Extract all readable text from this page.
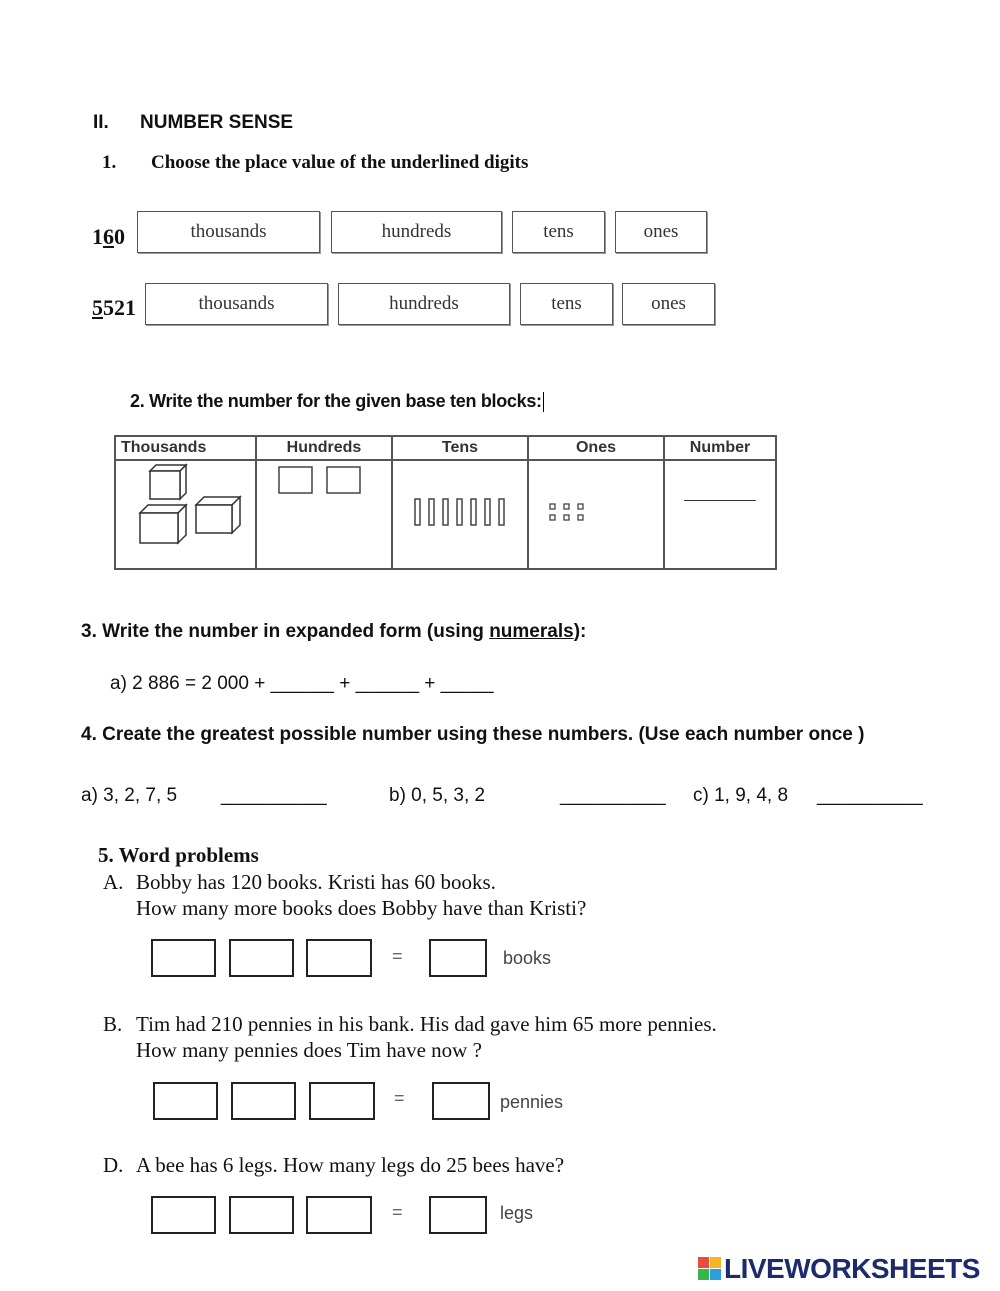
II. NUMBER SENSE
1. Choose the place value of the underlined digits
160	thousands	hundreds	tens	ones
5521	thousands	hundreds	tens	ones
2. Write the number for the given base ten blocks:
Thousands	Hundreds	Tens	Ones	Number

________
3. Write the number in expanded form (using numerals):
a) 2 886 = 2 000 + ______ + ______ + _____
4. Create the greatest possible number using these numbers. (Use each number once )
a) 3, 2, 7, 5 __________	b) 0, 5, 3, 2	__________ c) 1, 9, 4, 8 __________
5. Word problems
A. Bobby has 120 books. Kristi has 60 books.
How many more books does Bobby have than Kristi?
=	books
B. Tim had 210 pennies in his bank. His dad gave him 65 more pennies.
How many pennies does Tim have now ?
=	pennies
D. A bee has 6 legs. How many legs do 25 bees have?
=	legs
LIVEWORKSHEETS
